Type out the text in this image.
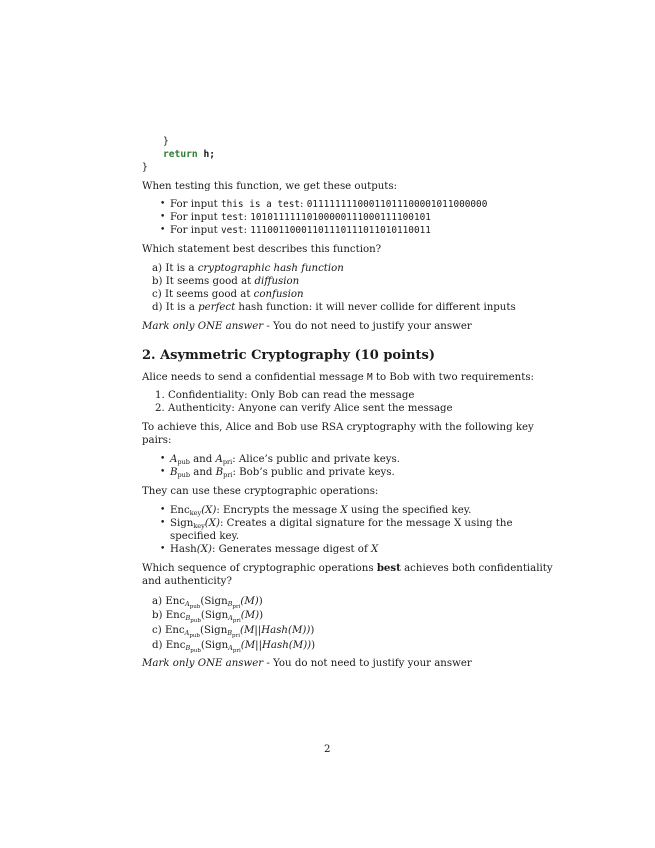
}
return h;
}
When testing this function, we get these outputs:
• For input this is a test: 01111111100011011100001011000000
• For input test: 10101111110100000111000111100101
• For input vest: 11100110001101110111011010110011
Which statement best describes this function?
a) It is a cryptographic hash function
b) It seems good at diffusion
c) It seems good at confusion
d) It is a perfect hash function: it will never collide for different inputs
Mark only ONE answer - You do not need to justify your answer
2. Asymmetric Cryptography (10 points)
Alice needs to send a confidential message M to Bob with two requirements:
1. Confidentiality: Only Bob can read the message
2. Authenticity: Anyone can verify Alice sent the message
To achieve this, Alice and Bob use RSA cryptography with the following key
pairs:
• $A_{pub}$ and $A_{pri}$: Alice’s public and private keys.
• $B_{pub}$ and $B_{pri}$: Bob’s public and private keys.
They can use these cryptographic operations:
• Enc$_{key}$(X): Encrypts the message X using the specified key.
• Sign$_{key}$(X): Creates a digital signature for the message X using the
specified key.
• Hash(X): Generates message digest of X
Which sequence of cryptographic operations best achieves both confidentiality
and authenticity?
a) Enc$_{A_{pub}}$(Sign$_{B_{pri}}$(M))
b) Enc$_{B_{pub}}$(Sign$_{A_{pri}}$(M))
c) Enc$_{A_{pub}}$(Sign$_{B_{pri}}$(M||Hash(M)))
d) Enc$_{B_{pub}}$(Sign$_{A_{pri}}$(M||Hash(M)))
Mark only ONE answer - You do not need to justify your answer
2
